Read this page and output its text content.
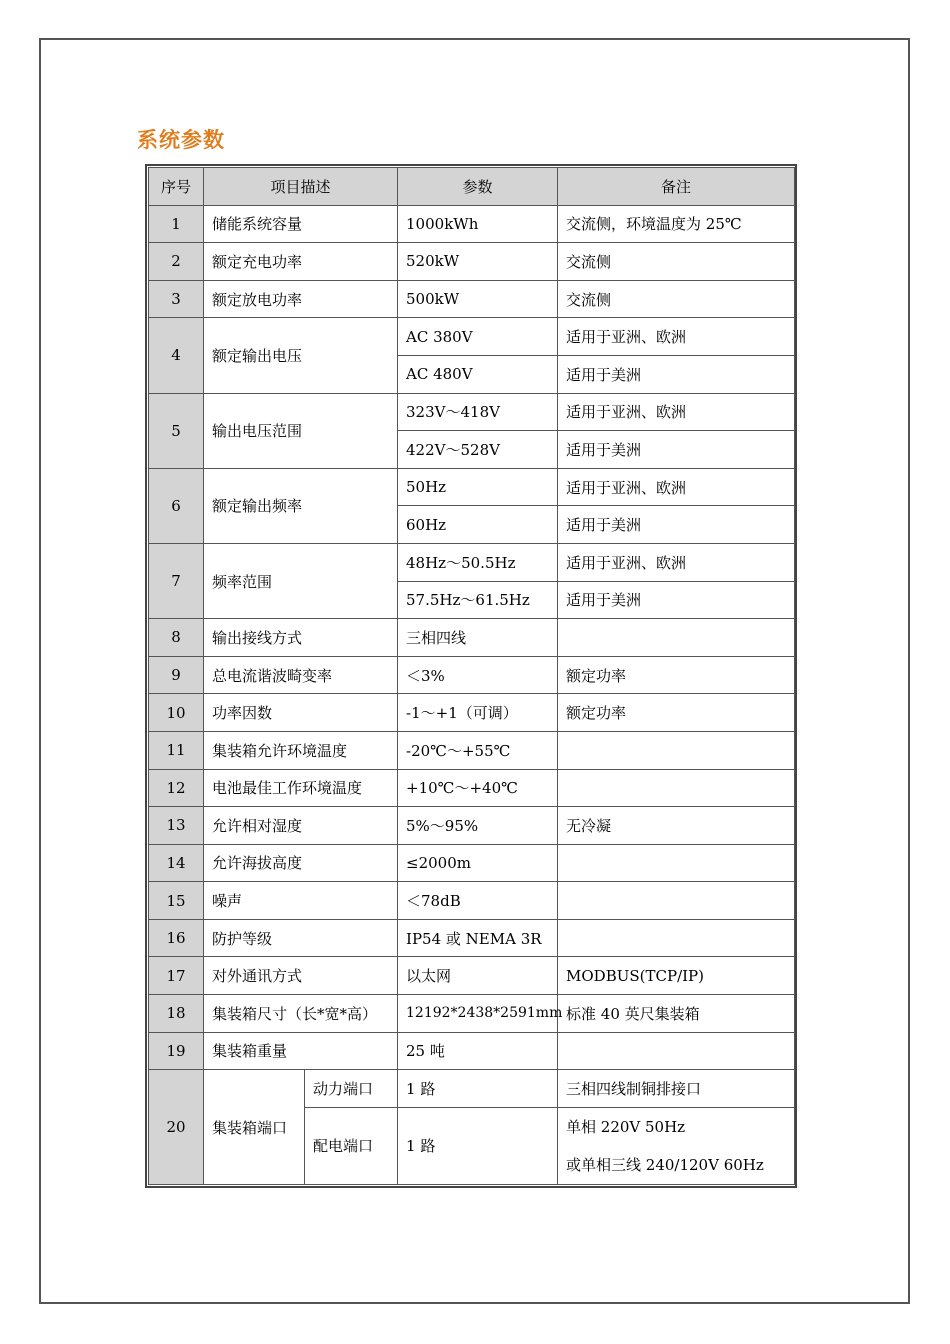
系统参数
序号	项目描述		参数	备注
1	储能系统容量		1000kWh	交流侧，环境温度为 25℃
2	额定充电功率		520kW	交流侧
3	额定放电功率		500kW	交流侧
4	额定输出电压		AC 380V	适用于亚洲、欧洲
			AC 480V	适用于美洲
5	输出电压范围		323V～418V	适用于亚洲、欧洲
			422V～528V	适用于美洲
6	额定输出频率		50Hz	适用于亚洲、欧洲
			60Hz	适用于美洲
7	频率范围		48Hz～50.5Hz	适用于亚洲、欧洲
			57.5Hz～61.5Hz	适用于美洲
8	输出接线方式		三相四线	
9	总电流谐波畸变率		＜3%	额定功率
10	功率因数		-1～+1（可调）	额定功率
11	集装箱允许环境温度		-20℃～+55℃	
12	电池最佳工作环境温度		+10℃～+40℃	
13	允许相对湿度		5%～95%	无冷凝
14	允许海拔高度		≤2000m	
15	噪声		＜78dB	
16	防护等级		IP54 或 NEMA 3R	
17	对外通讯方式		以太网	MODBUS(TCP/IP)
18	集装箱尺寸（长*宽*高）		12192*2438*2591mm	标准 40 英尺集装箱
19	集装箱重量		25 吨	
20	集装箱端口	动力端口	1 路	三相四线制铜排接口
		配电端口	1 路	单相 220V 50Hz
或单相三线 240/120V 60Hz
